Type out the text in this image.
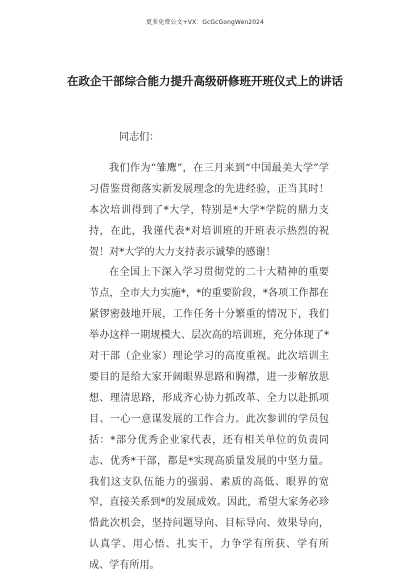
更多免费公文+VX：GcGcGongWen2024
在政企干部综合能力提升高级研修班开班仪式上的讲话

同志们：

我们作为“雏鹰”，在三月来到“中国最美大学”学习借鉴贯彻落实新发展理念的先进经验，正当其时！本次培训得到了*大学，特别是*大学*学院的鼎力支持，在此，我谨代表*对培训班的开班表示热烈的祝贺！对*大学的大力支持表示诚挚的感谢！

在全国上下深入学习贯彻党的二十大精神的重要节点，全市大力实施*，*的重要阶段，*各项工作都在紧锣密鼓地开展，工作任务十分繁重的情况下，我们举办这样一期规模大、层次高的培训班，充分体现了*对干部（企业家）理论学习的高度重视。此次培训主要目的是给大家开阔眼界思路和胸襟，进一步解放思想、理清思路，形成齐心协力抓改革、全力以赴抓项目、一心一意谋发展的工作合力。此次参训的学员包括：*部分优秀企业家代表，还有相关单位的负责同志、优秀*干部，都是*实现高质量发展的中坚力量。我们这支队伍能力的强弱、素质的高低、眼界的宽窄，直接关系到*的发展成效。因此，希望大家务必珍惜此次机会，坚持问题导向、目标导向、效果导向，认真学、用心悟、扎实干，力争学有所获、学有所成、学有所用。
